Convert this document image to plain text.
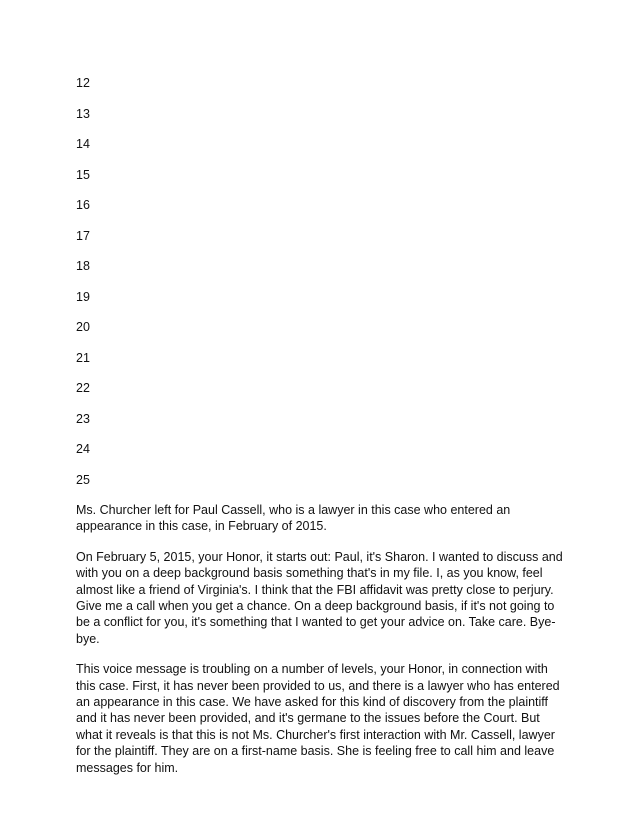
12
13
14
15
16
17
18
19
20
21
22
23
24
25

Ms. Churcher left for Paul Cassell, who is a lawyer in this case who entered an appearance in this case, in February of 2015.

On February 5, 2015, your Honor, it starts out: Paul, it's Sharon. I wanted to discuss and with you on a deep background basis something that's in my file. I, as you know, feel almost like a friend of Virginia's. I think that the FBI affidavit was pretty close to perjury. Give me a call when you get a chance. On a deep background basis, if it's not going to be a conflict for you, it's something that I wanted to get your advice on. Take care. Bye-bye.

This voice message is troubling on a number of levels, your Honor, in connection with this case. First, it has never been provided to us, and there is a lawyer who has entered an appearance in this case. We have asked for this kind of discovery from the plaintiff and it has never been provided, and it's germane to the issues before the Court. But what it reveals is that this is not Ms. Churcher's first interaction with Mr. Cassell, lawyer for the plaintiff. They are on a first-name basis. She is feeling free to call him and leave messages for him.
